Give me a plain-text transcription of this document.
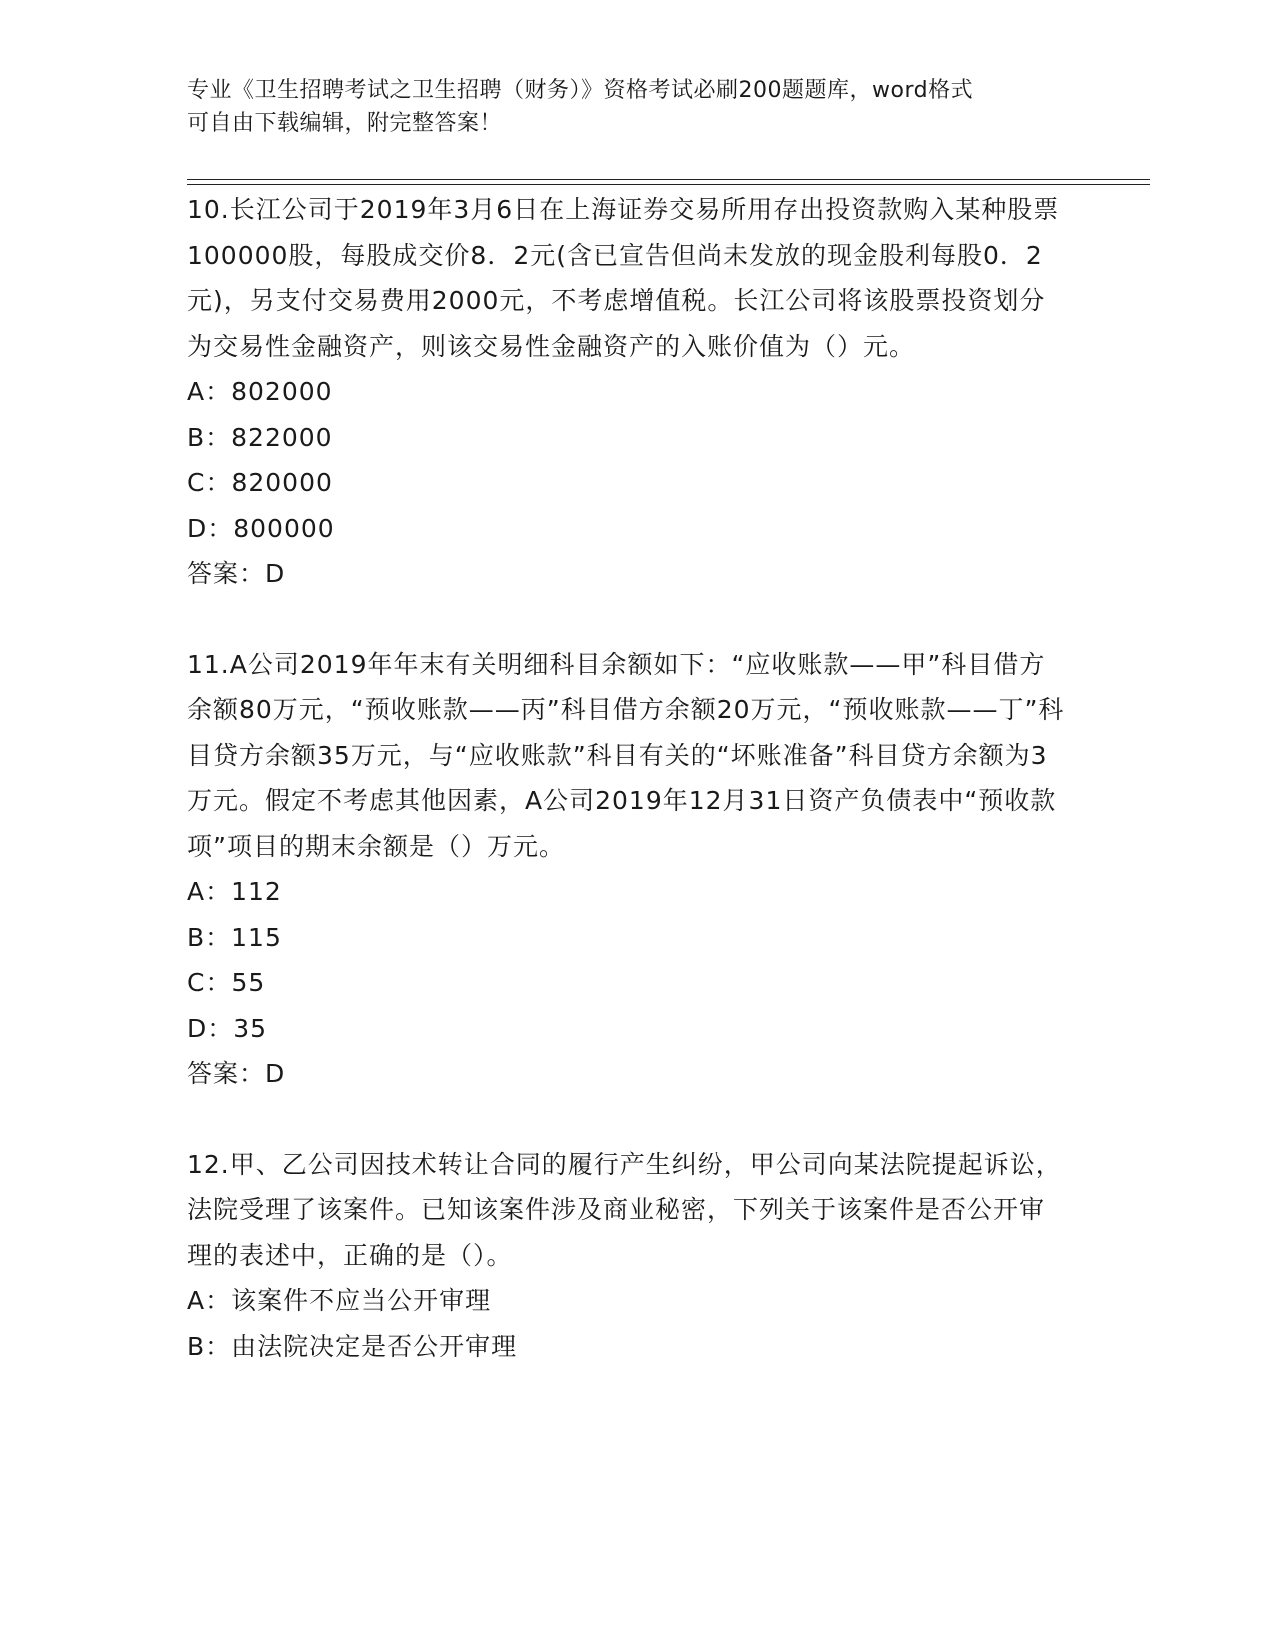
专业《卫生招聘考试之卫生招聘（财务）》资格考试必刷200题题库，word格式
可自由下载编辑，附完整答案！
10.长江公司于2019年3月6日在上海证券交易所用存出投资款购入某种股票100000股，每股成交价8．2元(含已宣告但尚未发放的现金股利每股0．2元)，另支付交易费用2000元，不考虑增值税。长江公司将该股票投资划分为交易性金融资产，则该交易性金融资产的入账价值为（）元。
A：802000
B：822000
C：820000
D：800000
答案：D
11.A公司2019年年末有关明细科目余额如下：“应收账款——甲”科目借方余额80万元，“预收账款——丙”科目借方余额20万元，“预收账款——丁”科目贷方余额35万元，与“应收账款”科目有关的“坏账准备”科目贷方余额为3万元。假定不考虑其他因素，A公司2019年12月31日资产负债表中“预收款项”项目的期末余额是（）万元。
A：112
B：115
C：55
D：35
答案：D
12.甲、乙公司因技术转让合同的履行产生纠纷，甲公司向某法院提起诉讼，法院受理了该案件。已知该案件涉及商业秘密，下列关于该案件是否公开审理的表述中，正确的是（）。
A：该案件不应当公开审理
B：由法院决定是否公开审理
